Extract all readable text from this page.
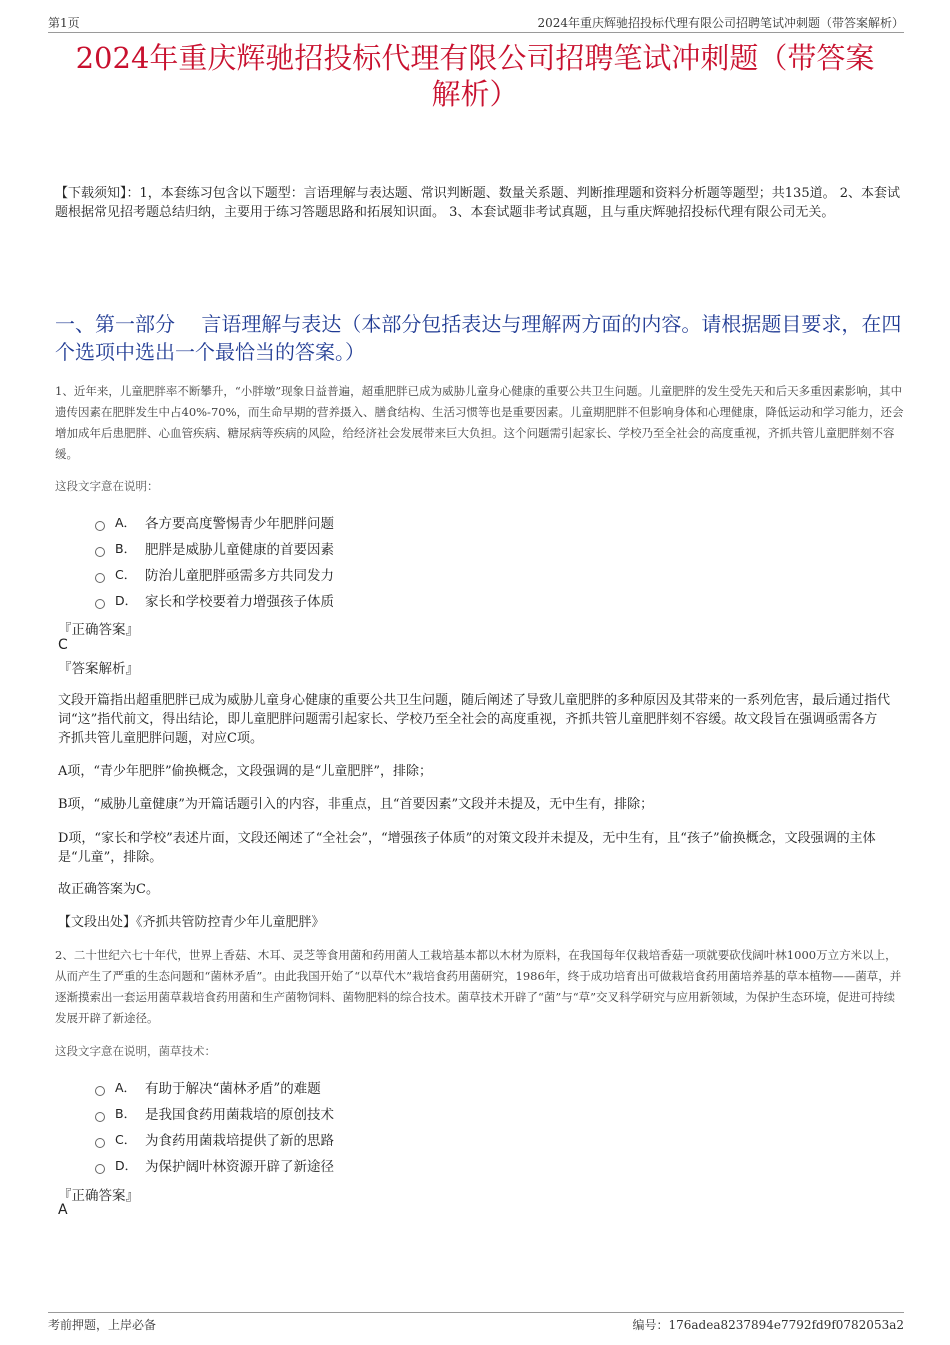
第1页	2024年重庆辉驰招投标代理有限公司招聘笔试冲刺题（带答案解析）
2024年重庆辉驰招投标代理有限公司招聘笔试冲刺题（带答案
解析）
【下载须知】：1，本套练习包含以下题型：言语理解与表达题、常识判断题、数量关系题、判断推理题和资料分析题等题型；共135道。 2、本套试题根据常见招考题总结归纳，主要用于练习答题思路和拓展知识面。 3、本套试题非考试真题，且与重庆辉驰招投标代理有限公司无关。
一、第一部分　 言语理解与表达（本部分包括表达与理解两方面的内容。请根据题目要求，在四个选项中选出一个最恰当的答案。）
1、近年来，儿童肥胖率不断攀升，“小胖墩”现象日益普遍，超重肥胖已成为威胁儿童身心健康的重要公共卫生问题。儿童肥胖的发生受先天和后天多重因素影响，其中遗传因素在肥胖发生中占40%-70%，而生命早期的营养摄入、膳食结构、生活习惯等也是重要因素。儿童期肥胖不但影响身体和心理健康，降低运动和学习能力，还会增加成年后患肥胖、心血管疾病、糖尿病等疾病的风险，给经济社会发展带来巨大负担。这个问题需引起家长、学校乃至全社会的高度重视，齐抓共管儿童肥胖刻不容缓。
这段文字意在说明：
A． 各方要高度警惕青少年肥胖问题
B． 肥胖是威胁儿童健康的首要因素
C． 防治儿童肥胖亟需多方共同发力
D． 家长和学校要着力增强孩子体质
『正确答案』
C
『答案解析』
文段开篇指出超重肥胖已成为威胁儿童身心健康的重要公共卫生问题，随后阐述了导致儿童肥胖的多种原因及其带来的一系列危害，最后通过指代词“这”指代前文，得出结论，即儿童肥胖问题需引起家长、学校乃至全社会的高度重视，齐抓共管儿童肥胖刻不容缓。故文段旨在强调亟需各方齐抓共管儿童肥胖问题，对应C项。
A项，“青少年肥胖”偷换概念，文段强调的是“儿童肥胖”，排除；
B项，“威胁儿童健康”为开篇话题引入的内容，非重点，且“首要因素”文段并未提及，无中生有，排除；
D项，“家长和学校”表述片面，文段还阐述了“全社会”，“增强孩子体质”的对策文段并未提及，无中生有，且“孩子”偷换概念，文段强调的主体是“儿童”，排除。
故正确答案为C。
【文段出处】《齐抓共管防控青少年儿童肥胖》
2、二十世纪六七十年代，世界上香菇、木耳、灵芝等食用菌和药用菌人工栽培基本都以木材为原料，在我国每年仅栽培香菇一项就要砍伐阔叶林1000万立方米以上，从而产生了严重的生态问题和“菌林矛盾”。由此我国开始了“以草代木”栽培食药用菌研究，1986年，终于成功培育出可做栽培食药用菌培养基的草本植物——菌草，并逐渐摸索出一套运用菌草栽培食药用菌和生产菌物饲料、菌物肥料的综合技术。菌草技术开辟了“菌”与“草”交叉科学研究与应用新领域，为保护生态环境，促进可持续发展开辟了新途径。
这段文字意在说明，菌草技术：
A． 有助于解决“菌林矛盾”的难题
B． 是我国食药用菌栽培的原创技术
C． 为食药用菌栽培提供了新的思路
D． 为保护阔叶林资源开辟了新途径
『正确答案』
A
考前押题，上岸必备	编号：176adea8237894e7792fd9f0782053a2
